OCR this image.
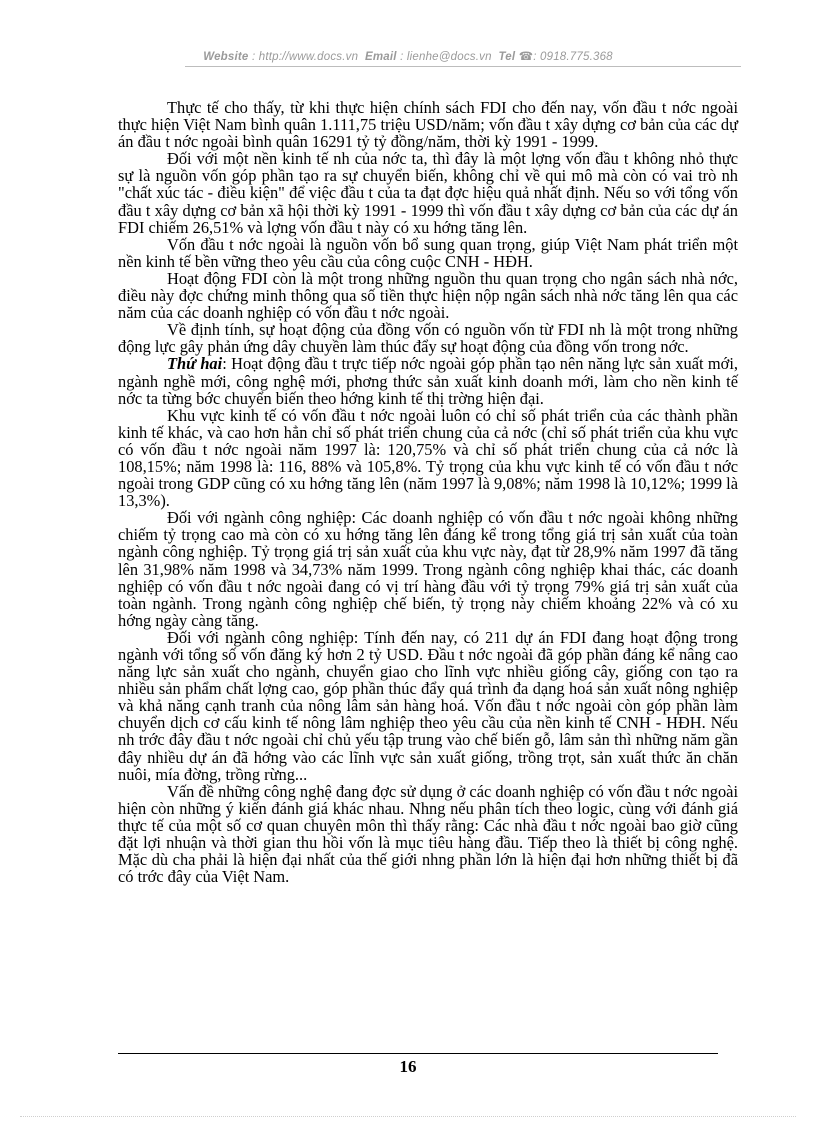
Website : http://www.docs.vn Email : lienhe@docs.vn Tel ☎: 0918.775.368

Thực tế cho thấy, từ khi thực hiện chính sách FDI cho đến nay, vốn đầu t nớc ngoài thực hiện Việt Nam bình quân 1.111,75 triệu USD/năm; vốn đầu t xây dựng cơ bản của các dự án đầu t nớc ngoài bình quân 16291 tỷ tỷ đồng/năm, thời kỳ 1991 - 1999.

Đối với một nền kinh tế nh của nớc ta, thì đây là một lợng vốn đầu t không nhỏ thực sự là nguồn vốn góp phần tạo ra sự chuyển biến, không chỉ về qui mô mà còn có vai trò nh "chất xúc tác - điều kiện" để việc đầu t của ta đạt đợc hiệu quả nhất định. Nếu so với tổng vốn đầu t xây dựng cơ bản xã hội thời kỳ 1991 - 1999 thì vốn đầu t xây dựng cơ bản của các dự án FDI chiếm 26,51% và lợng vốn đầu t này có xu hớng tăng lên.

Vốn đầu t nớc ngoài là nguồn vốn bổ sung quan trọng, giúp Việt Nam phát triển một nền kinh tế bền vững theo yêu cầu của công cuộc CNH - HĐH.

Hoạt động FDI còn là một trong những nguồn thu quan trọng cho ngân sách nhà nớc, điều này đợc chứng minh thông qua số tiền thực hiện nộp ngân sách nhà nớc tăng lên qua các năm của các doanh nghiệp có vốn đầu t nớc ngoài.

Về định tính, sự hoạt động của đồng vốn có nguồn vốn từ FDI nh là một trong những động lực gây phản ứng dây chuyền làm thúc đẩy sự hoạt động của đồng vốn trong nớc.

Thứ hai: Hoạt động đầu t trực tiếp nớc ngoài góp phần tạo nên năng lực sản xuất mới, ngành nghề mới, công nghệ mới, phơng thức sản xuất kinh doanh mới, làm cho nền kinh tế nớc ta từng bớc chuyển biến theo hớng kinh tế thị trờng hiện đại.

Khu vực kinh tế có vốn đầu t nớc ngoài luôn có chỉ số phát triển của các thành phần kinh tế khác, và cao hơn hẳn chỉ số phát triển chung của cả nớc (chỉ số phát triển của khu vực có vốn đầu t nớc ngoài năm 1997 là: 120,75% và chỉ số phát triển chung của cả nớc là 108,15%; năm 1998 là: 116, 88% và 105,8%. Tỷ trọng của khu vực kinh tế có vốn đầu t nớc ngoài trong GDP cũng có xu hớng tăng lên (năm 1997 là 9,08%; năm 1998 là 10,12%; 1999 là 13,3%).

Đối với ngành công nghiệp: Các doanh nghiệp có vốn đầu t nớc ngoài không những chiếm tỷ trọng cao mà còn có xu hớng tăng lên đáng kể trong tổng giá trị sản xuất của toàn ngành công nghiệp. Tỷ trọng giá trị sản xuất của khu vực này, đạt từ 28,9% năm 1997 đã tăng lên 31,98% năm 1998 và 34,73% năm 1999. Trong ngành công nghiệp khai thác, các doanh nghiệp có vốn đầu t nớc ngoài đang có vị trí hàng đầu với tỷ trọng 79% giá trị sản xuất của toàn ngành. Trong ngành công nghiệp chế biến, tỷ trọng này chiếm khoảng 22% và có xu hớng ngày càng tăng.

Đối với ngành công nghiệp: Tính đến nay, có 211 dự án FDI đang hoạt động trong ngành với tổng số vốn đăng ký hơn 2 tỷ USD. Đầu t nớc ngoài đã góp phần đáng kể nâng cao năng lực sản xuất cho ngành, chuyển giao cho lĩnh vực nhiều giống cây, giống con tạo ra nhiều sản phẩm chất lợng cao, góp phần thúc đẩy quá trình đa dạng hoá sản xuất nông nghiệp và khả năng cạnh tranh của nông lâm sản hàng hoá. Vốn đầu t nớc ngoài còn góp phần làm chuyển dịch cơ cấu kinh tế nông lâm nghiệp theo yêu cầu của nền kinh tế CNH - HĐH. Nếu nh trớc đây đầu t nớc ngoài chỉ chủ yếu tập trung vào chế biến gỗ, lâm sản thì những năm gần đây nhiều dự án đã hớng vào các lĩnh vực sản xuất giống, trồng trọt, sản xuất thức ăn chăn nuôi, mía đờng, trồng rừng...

Vấn đề những công nghệ đang đợc sử dụng ở các doanh nghiệp có vốn đầu t nớc ngoài hiện còn những ý kiến đánh giá khác nhau. Nhng nếu phân tích theo logic, cùng với đánh giá thực tế của một số cơ quan chuyên môn thì thấy rằng: Các nhà đầu t nớc ngoài bao giờ cũng đặt lợi nhuận và thời gian thu hồi vốn là mục tiêu hàng đầu. Tiếp theo là thiết bị công nghệ. Mặc dù cha phải là hiện đại nhất của thế giới nhng phần lớn là hiện đại hơn những thiết bị đã có trớc đây của Việt Nam.

16
